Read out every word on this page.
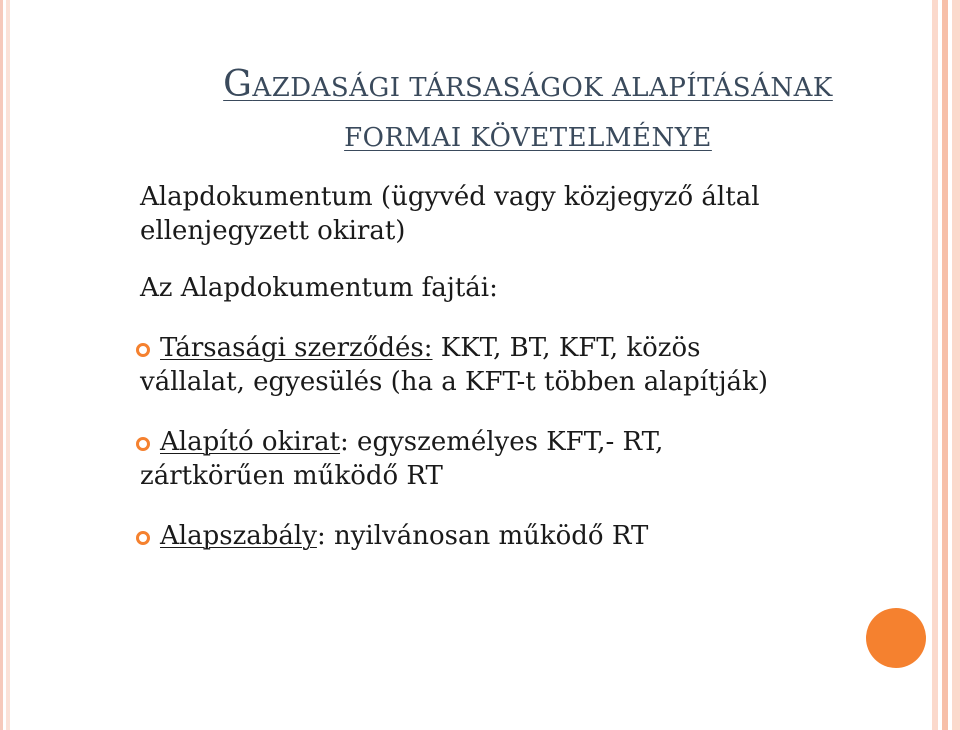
GAZDASÁGI TÁRSASÁGOK ALAPÍTÁSÁNAK
FORMAI KÖVETELMÉNYE

Alapdokumentum (ügyvéd vagy közjegyző által
ellenjegyzett okirat)

Az Alapdokumentum fajtái:

Társasági szerződés: KKT, BT, KFT, közös
vállalat, egyesülés (ha a KFT-t többen alapítják)
Alapító okirat: egyszemélyes KFT,- RT,
zártkörűen működő RT
Alapszabály: nyilvánosan működő RT
